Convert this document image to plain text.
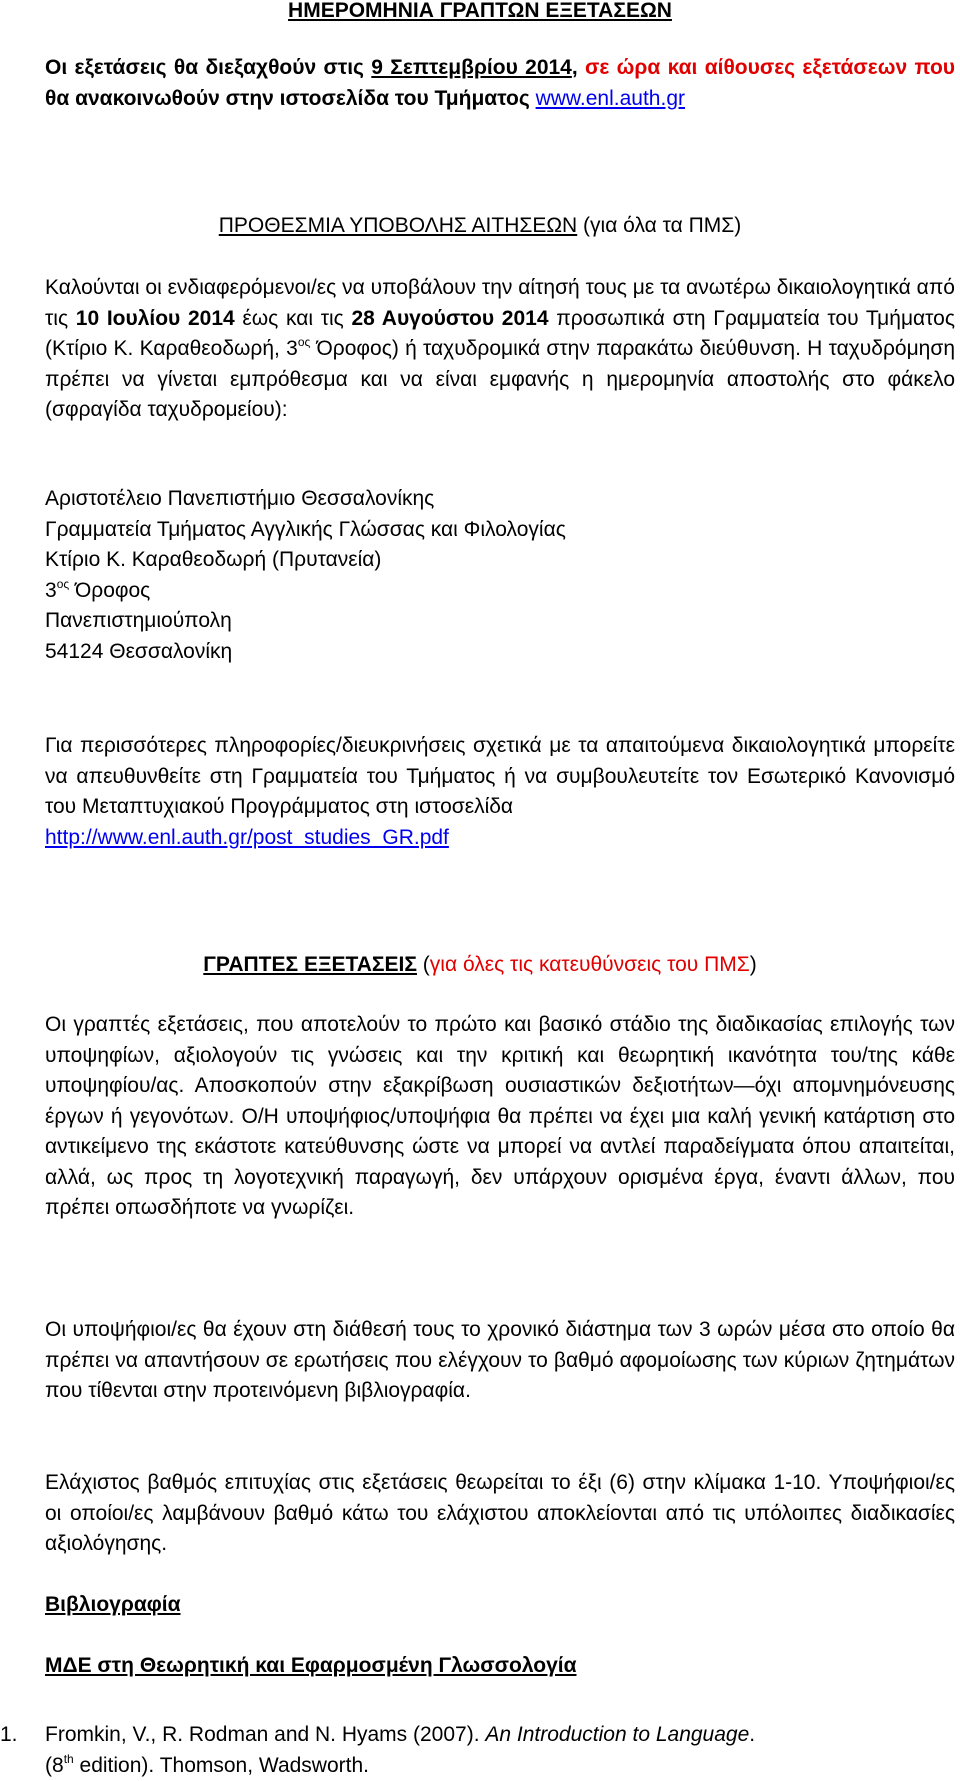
ΗΜΕΡΟΜΗΝΙΑ ΓΡΑΠΤΩΝ ΕΞΕΤΑΣΕΩΝ

Οι εξετάσεις θα διεξαχθούν στις 9 Σεπτεμβρίου 2014, σε ώρα και αίθουσες εξετάσεων που θα ανακοινωθούν στην ιστοσελίδα του Τμήματος www.enl.auth.gr

ΠΡΟΘΕΣΜΙΑ ΥΠΟΒΟΛΗΣ ΑΙΤΗΣΕΩΝ (για όλα τα ΠΜΣ)

Καλούνται οι ενδιαφερόμενοι/ες να υποβάλουν την αίτησή τους με τα ανωτέρω δικαιολογητικά από τις 10 Ιουλίου 2014 έως και τις 28 Αυγούστου 2014 προσωπικά στη Γραμματεία του Τμήματος (Κτίριο Κ. Καραθεοδωρή, $3^{o\varsigma}$ Όροφος) ή ταχυδρομικά στην παρακάτω διεύθυνση. Η ταχυδρόμηση πρέπει να γίνεται εμπρόθεσμα και να είναι εμφανής η ημερομηνία αποστολής στο φάκελο (σφραγίδα ταχυδρομείου):

Αριστοτέλειο Πανεπιστήμιο Θεσσαλονίκης
Γραμματεία Τμήματος Αγγλικής Γλώσσας και Φιλολογίας
Κτίριο Κ. Καραθεοδωρή (Πρυτανεία)
$3^{o\varsigma}$ Όροφος
Πανεπιστημιούπολη
54124 Θεσσαλονίκη

Για περισσότερες πληροφορίες/διευκρινήσεις σχετικά με τα απαιτούμενα δικαιολογητικά μπορείτε να απευθυνθείτε στη Γραμματεία του Τμήματος ή να συμβουλευτείτε τον Εσωτερικό Κανονισμό του Μεταπτυχιακού Προγράμματος στη ιστοσελίδα
http://www.enl.auth.gr/post_studies_GR.pdf

ΓΡΑΠΤΕΣ ΕΞΕΤΑΣΕΙΣ (για όλες τις κατευθύνσεις του ΠΜΣ)

Οι γραπτές εξετάσεις, που αποτελούν το πρώτο και βασικό στάδιο της διαδικασίας επιλογής των υποψηφίων, αξιολογούν τις γνώσεις και την κριτική και θεωρητική ικανότητα του/της κάθε υποψηφίου/ας. Αποσκοπούν στην εξακρίβωση ουσιαστικών δεξιοτήτων—όχι απομνημόνευσης έργων ή γεγονότων. Ο/Η υποψήφιος/υποψήφια θα πρέπει να έχει μια καλή γενική κατάρτιση στο αντικείμενο της εκάστοτε κατεύθυνσης ώστε να μπορεί να αντλεί παραδείγματα όπου απαιτείται, αλλά, ως προς τη λογοτεχνική παραγωγή, δεν υπάρχουν ορισμένα έργα, έναντι άλλων, που πρέπει οπωσδήποτε να γνωρίζει.

Οι υποψήφιοι/ες θα έχουν στη διάθεσή τους το χρονικό διάστημα των 3 ωρών μέσα στο οποίο θα πρέπει να απαντήσουν σε ερωτήσεις που ελέγχουν το βαθμό αφομοίωσης των κύριων ζητημάτων που τίθενται στην προτεινόμενη βιβλιογραφία.

Ελάχιστος βαθμός επιτυχίας στις εξετάσεις θεωρείται το έξι (6) στην κλίμακα 1-10. Υποψήφιοι/ες οι οποίοι/ες λαμβάνουν βαθμό κάτω του ελάχιστου αποκλείονται από τις υπόλοιπες διαδικασίες αξιολόγησης.

Βιβλιογραφία
ΜΔΕ στη Θεωρητική και Εφαρμοσμένη Γλωσσολογία
1.	Fromkin, V., R. Rodman and N. Hyams (2007). An Introduction to Language.
(8th edition). Thomson, Wadsworth.
